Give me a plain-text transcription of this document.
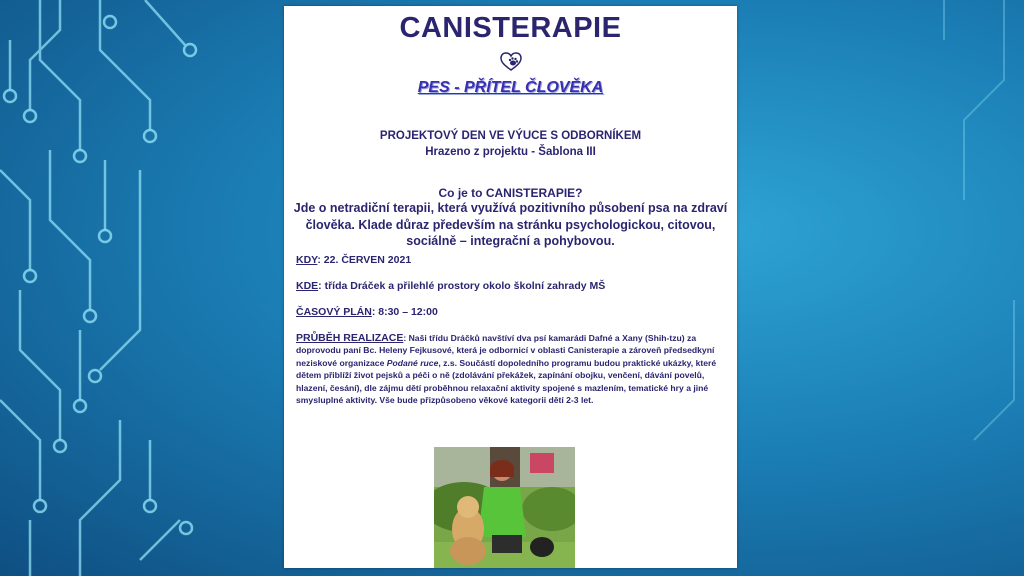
CANISTERAPIE
PES - PŘÍTEL ČLOVĚKA
PROJEKTOVÝ DEN VE VÝUCE S ODBORNÍKEM
Hrazeno z projektu - Šablona III
Co je to CANISTERAPIE?
Jde o netradiční terapii, která využívá pozitivního působení psa na zdraví člověka. Klade důraz především na stránku psychologickou, citovou, sociálně – integrační a pohybovou.
KDY: 22. ČERVEN 2021
KDE: třída Dráček a přilehlé prostory okolo školní zahrady MŠ
ČASOVÝ PLÁN: 8:30 – 12:00
PRŮBĚH REALIZACE: Naši třídu Dráčků navštíví dva psí kamarádi Dafné a Xany (Shih-tzu) za doprovodu paní Bc. Heleny Fejkusové, která je odbornicí v oblasti Canisterapie a zároveň předsedkyní neziskové organizace Podané ruce, z.s. Součástí dopoledního programu budou praktické ukázky, které dětem přiblíží život pejsků a péči o ně (zdolávání překážek, zapínání obojku, venčení, dávání povelů, hlazení, česání), dle zájmu dětí proběhnou relaxační aktivity spojené s mazlením, tematické hry a jiné smysluplné aktivity. Vše bude přizpůsobeno věkové kategorii dětí 2-3 let.
